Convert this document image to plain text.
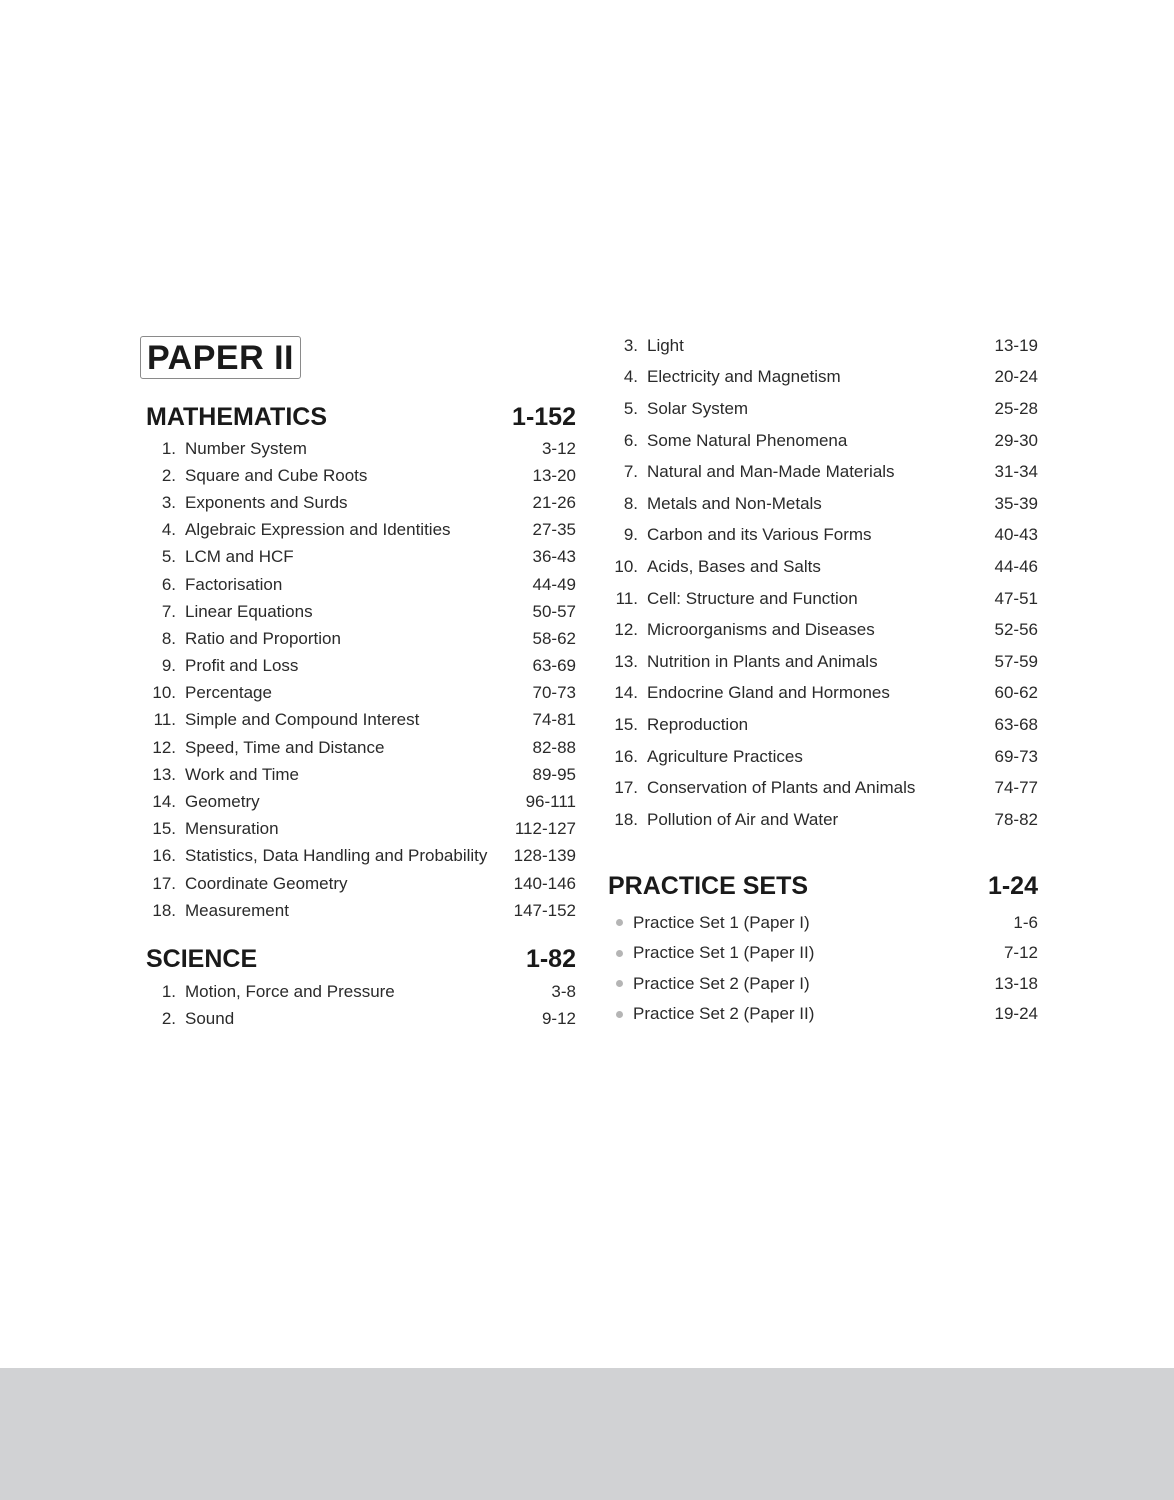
PAPER II
MATHEMATICS	1-152
1. Number System	3-12
2. Square and Cube Roots	13-20
3. Exponents and Surds	21-26
4. Algebraic Expression and Identities	27-35
5. LCM and HCF	36-43
6. Factorisation	44-49
7. Linear Equations	50-57
8. Ratio and Proportion	58-62
9. Profit and Loss	63-69
10. Percentage	70-73
11. Simple and Compound Interest	74-81
12. Speed, Time and Distance	82-88
13. Work and Time	89-95
14. Geometry	96-111
15. Mensuration	112-127
16. Statistics, Data Handling and Probability 128-139
17. Coordinate Geometry	140-146
18. Measurement	147-152
SCIENCE	1-82
1. Motion, Force and Pressure	3-8
2. Sound	9-12
3. Light	13-19
4. Electricity and Magnetism	20-24
5. Solar System	25-28
6. Some Natural Phenomena	29-30
7. Natural and Man-Made Materials	31-34
8. Metals and Non-Metals	35-39
9. Carbon and its Various Forms	40-43
10. Acids, Bases and Salts	44-46
11. Cell: Structure and Function	47-51
12. Microorganisms and Diseases	52-56
13. Nutrition in Plants and Animals	57-59
14. Endocrine Gland and Hormones	60-62
15. Reproduction	63-68
16. Agriculture Practices	69-73
17. Conservation of Plants and Animals	74-77
18. Pollution of Air and Water	78-82
PRACTICE SETS	1-24
Practice Set 1 (Paper I)	1-6
Practice Set 1 (Paper II)	7-12
Practice Set 2 (Paper I)	13-18
Practice Set 2 (Paper II)	19-24
